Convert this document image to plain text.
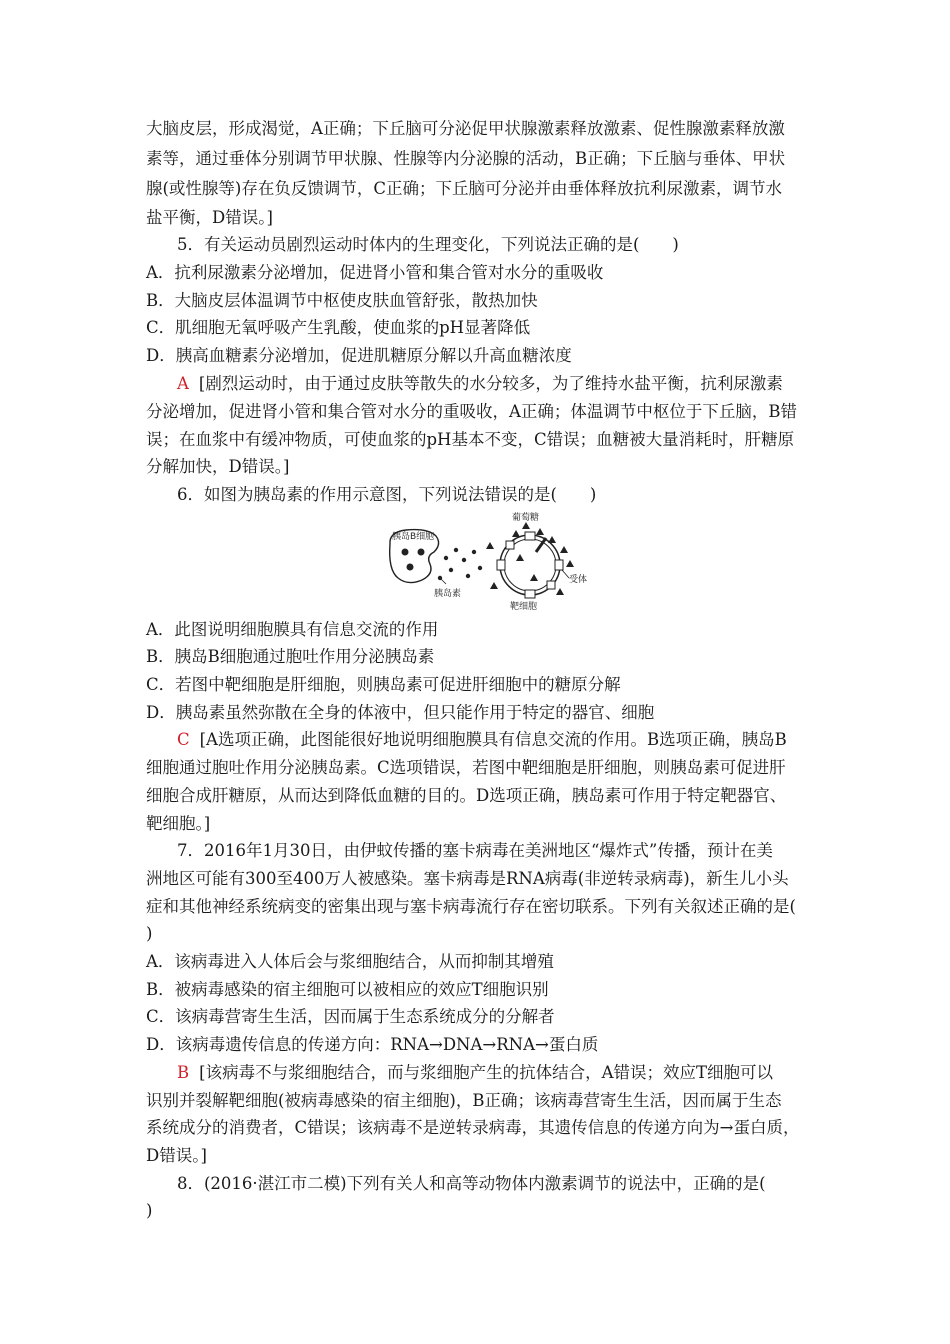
大脑皮层，形成渴觉，A正确；下丘脑可分泌促甲状腺激素释放激素、促性腺激素释放激
素等，通过垂体分别调节甲状腺、性腺等内分泌腺的活动，B正确；下丘脑与垂体、甲状
腺(或性腺等)存在负反馈调节，C正确；下丘脑可分泌并由垂体释放抗利尿激素，调节水
盐平衡，D错误。]
5．有关运动员剧烈运动时体内的生理变化，下列说法正确的是(　　)
A．抗利尿激素分泌增加，促进肾小管和集合管对水分的重吸收
B．大脑皮层体温调节中枢使皮肤血管舒张，散热加快
C．肌细胞无氧呼吸产生乳酸，使血浆的pH显著降低
D．胰高血糖素分泌增加，促进肌糖原分解以升高血糖浓度
A [剧烈运动时，由于通过皮肤等散失的水分较多，为了维持水盐平衡，抗利尿激素
分泌增加，促进肾小管和集合管对水分的重吸收，A正确；体温调节中枢位于下丘脑，B错
误；在血浆中有缓冲物质，可使血浆的pH基本不变，C错误；血糖被大量消耗时，肝糖原
分解加快，D错误。]
6．如图为胰岛素的作用示意图，下列说法错误的是(　　)
胰岛B细胞
胰岛素
葡萄糖
受体
靶细胞
A．此图说明细胞膜具有信息交流的作用
B．胰岛B细胞通过胞吐作用分泌胰岛素
C．若图中靶细胞是肝细胞，则胰岛素可促进肝细胞中的糖原分解
D．胰岛素虽然弥散在全身的体液中，但只能作用于特定的器官、细胞
C [A选项正确，此图能很好地说明细胞膜具有信息交流的作用。B选项正确，胰岛B
细胞通过胞吐作用分泌胰岛素。C选项错误，若图中靶细胞是肝细胞，则胰岛素可促进肝
细胞合成肝糖原，从而达到降低血糖的目的。D选项正确，胰岛素可作用于特定靶器官、
靶细胞。]
7．2016年1月30日，由伊蚊传播的塞卡病毒在美洲地区“爆炸式”传播，预计在美
洲地区可能有300至400万人被感染。塞卡病毒是RNA病毒(非逆转录病毒)，新生儿小头
症和其他神经系统病变的密集出现与塞卡病毒流行存在密切联系。下列有关叙述正确的是(
)
A．该病毒进入人体后会与浆细胞结合，从而抑制其增殖
B．被病毒感染的宿主细胞可以被相应的效应T细胞识别
C．该病毒营寄生生活，因而属于生态系统成分的分解者
D．该病毒遗传信息的传递方向：RNA→DNA→RNA→蛋白质
B [该病毒不与浆细胞结合，而与浆细胞产生的抗体结合，A错误；效应T细胞可以
识别并裂解靶细胞(被病毒感染的宿主细胞)，B正确；该病毒营寄生生活，因而属于生态
系统成分的消费者，C错误；该病毒不是逆转录病毒，其遗传信息的传递方向为→蛋白质，
D错误。]
8．(2016·湛江市二模)下列有关人和高等动物体内激素调节的说法中，正确的是(
)
